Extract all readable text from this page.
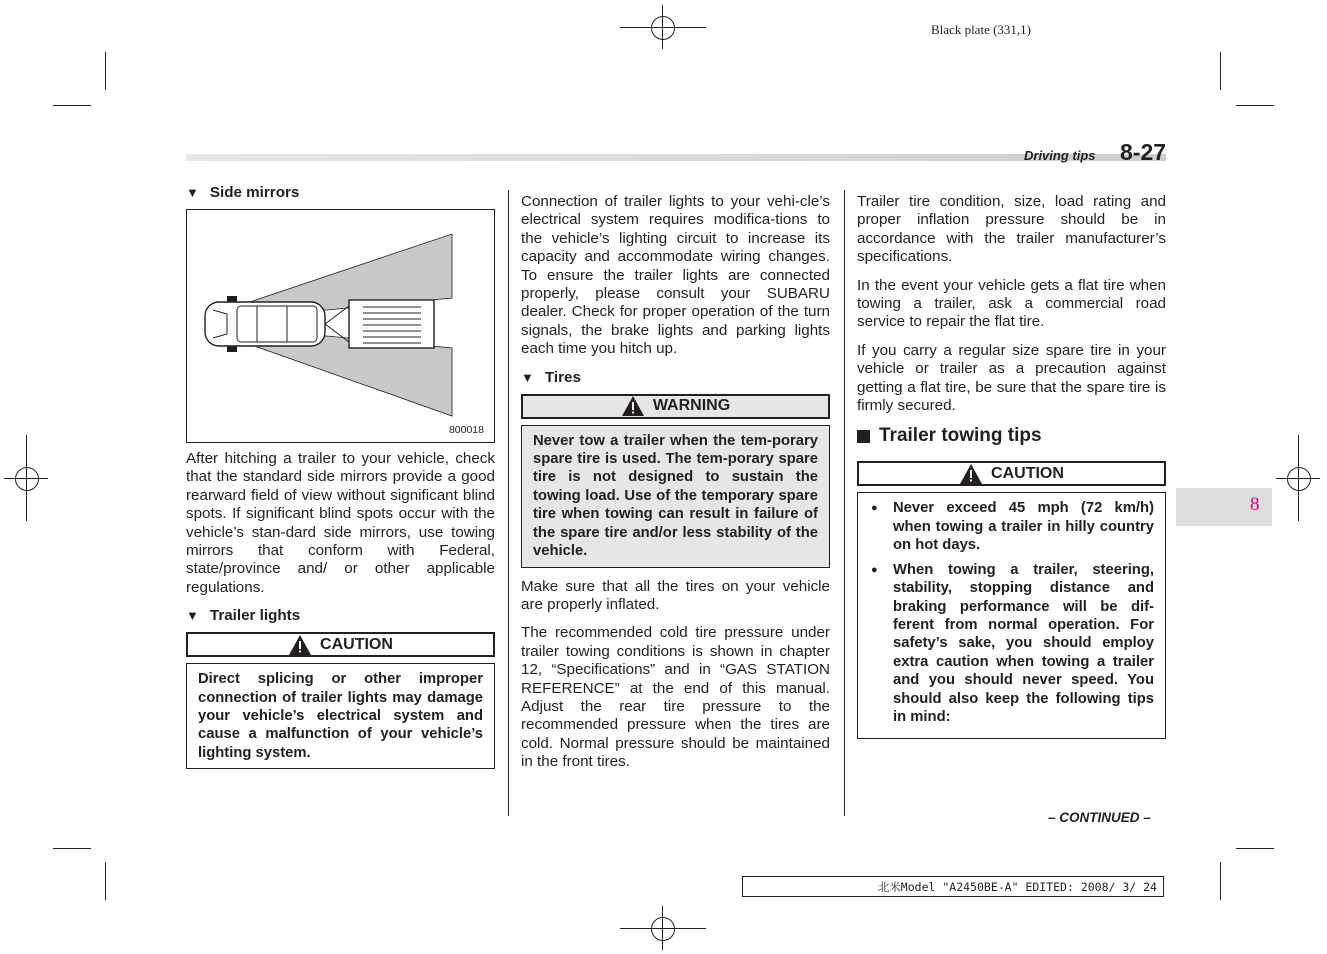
Black plate (331,1)
Driving tips 8-27
8
▼ Side mirrors
800018

After hitching a trailer to your vehicle, check that the standard side mirrors provide a good rearward field of view without significant blind spots. If significant blind spots occur with the vehicle’s stan-dard side mirrors, use towing mirrors that conform with Federal, state/province and/ or other applicable regulations.

▼ Trailer lights
CAUTION
Direct splicing or other improper connection of trailer lights may damage your vehicle’s electrical system and cause a malfunction of your vehicle’s lighting system.

Connection of trailer lights to your vehi-cle’s electrical system requires modifica-tions to the vehicle’s lighting circuit to increase its capacity and accommodate wiring changes. To ensure the trailer lights are connected properly, please consult your SUBARU dealer. Check for proper operation of the turn signals, the brake lights and parking lights each time you hitch up.

▼ Tires
WARNING
Never tow a trailer when the tem-porary spare tire is used. The tem-porary spare tire is not designed to sustain the towing load. Use of the temporary spare tire when towing can result in failure of the spare tire and/or less stability of the vehicle.

Make sure that all the tires on your vehicle are properly inflated.

The recommended cold tire pressure under trailer towing conditions is shown in chapter 12, “Specifications” and in “GAS STATION REFERENCE” at the end of this manual. Adjust the rear tire pressure to the recommended pressure when the tires are cold. Normal pressure should be maintained in the front tires.

Trailer tire condition, size, load rating and proper inflation pressure should be in accordance with the trailer manufacturer’s specifications.

In the event your vehicle gets a flat tire when towing a trailer, ask a commercial road service to repair the flat tire.

If you carry a regular size spare tire in your vehicle or trailer as a precaution against getting a flat tire, be sure that the spare tire is firmly secured.

Trailer towing tips
CAUTION
● Never exceed 45 mph (72 km/h) when towing a trailer in hilly country on hot days.
● When towing a trailer, steering, stability, stopping distance and braking performance will be dif-ferent from normal operation. For safety’s sake, you should employ extra caution when towing a trailer and you should never speed. You should also keep the following tips in mind:
– CONTINUED –
北米Model "A2450BE-A" EDITED: 2008/ 3/ 24
